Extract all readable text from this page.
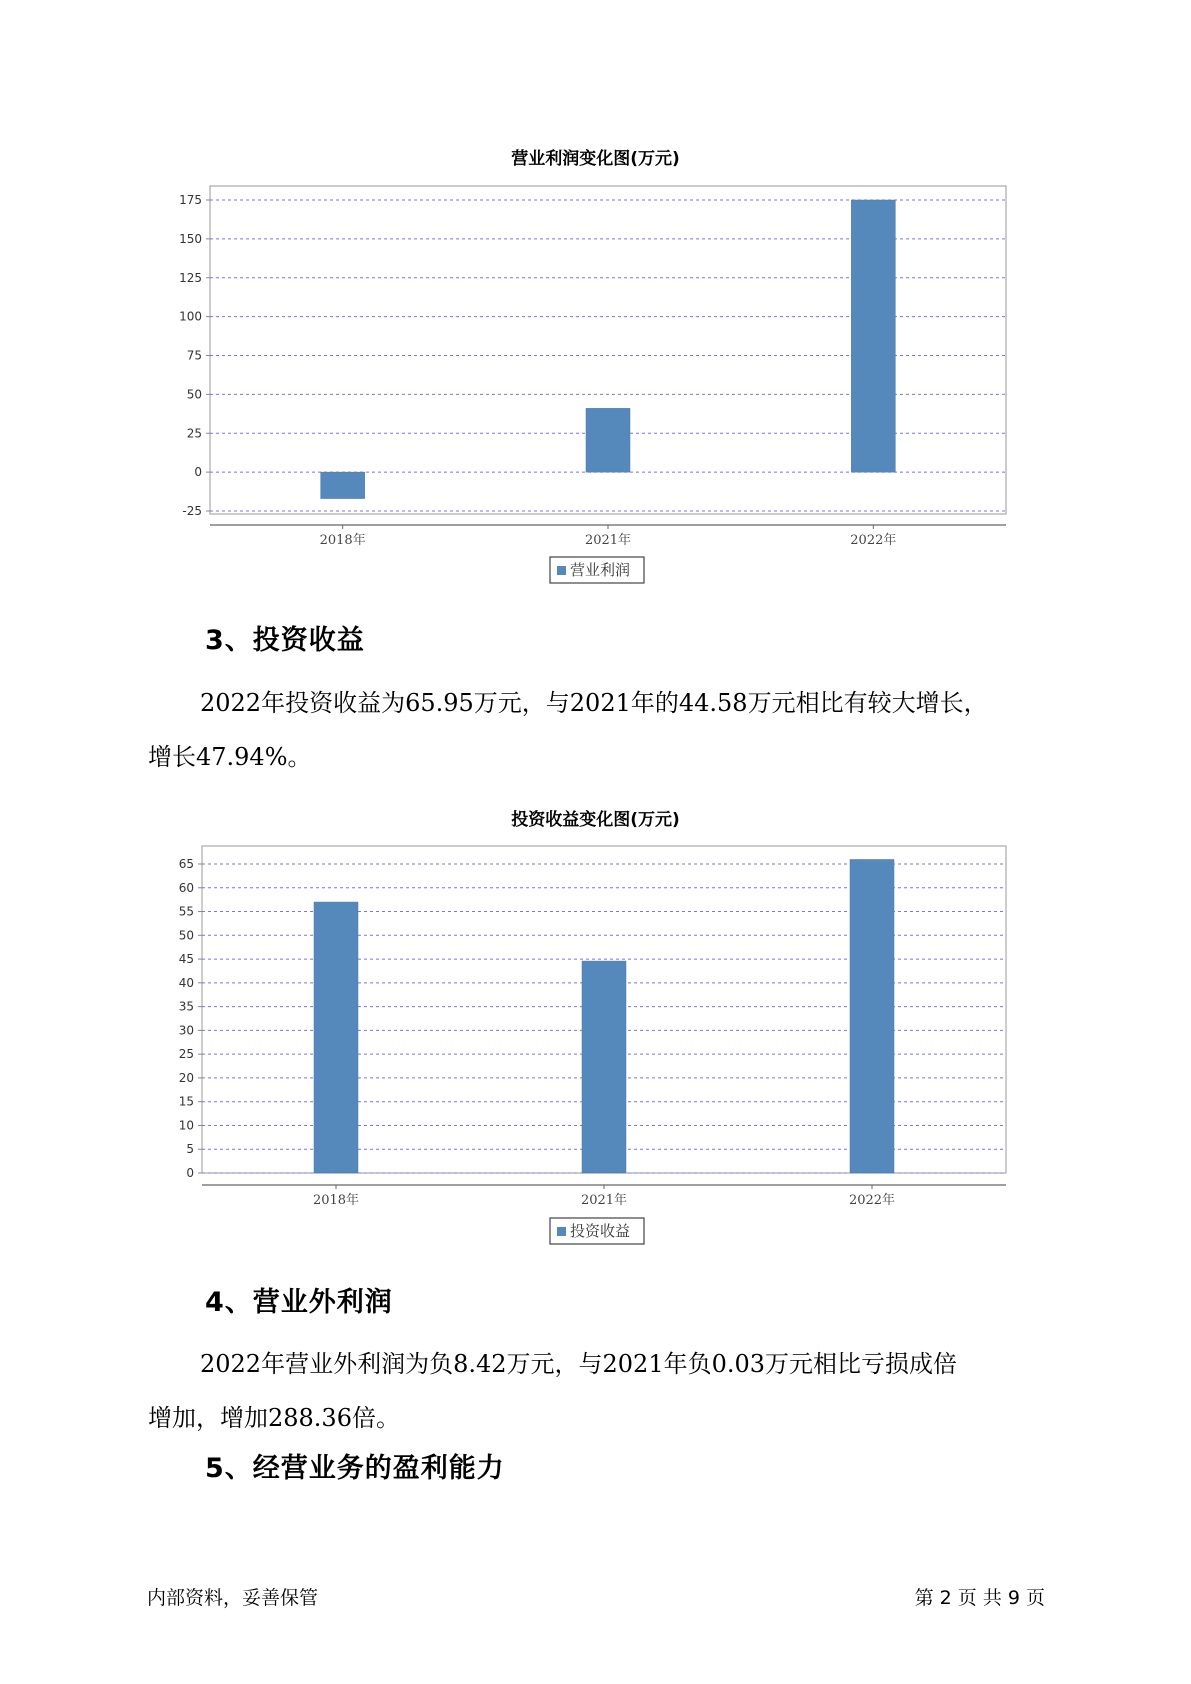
营业利润变化图(万元)
-25
0
25
50
75
100
125
150
175
2018年	2021年	2022年
营业利润
3、投资收益
2022年投资收益为65.95万元，与2021年的44.58万元相比有较大增长，
增长47.94%。
投资收益变化图(万元)
0
5
10
15
20
25
30
35
40
45
50
55
60
65
2018年	2021年	2022年
投资收益
4、营业外利润
2022年营业外利润为负8.42万元，与2021年负0.03万元相比亏损成倍
增加，增加288.36倍。
5、经营业务的盈利能力
内部资料，妥善保管	第 2 页 共 9 页
